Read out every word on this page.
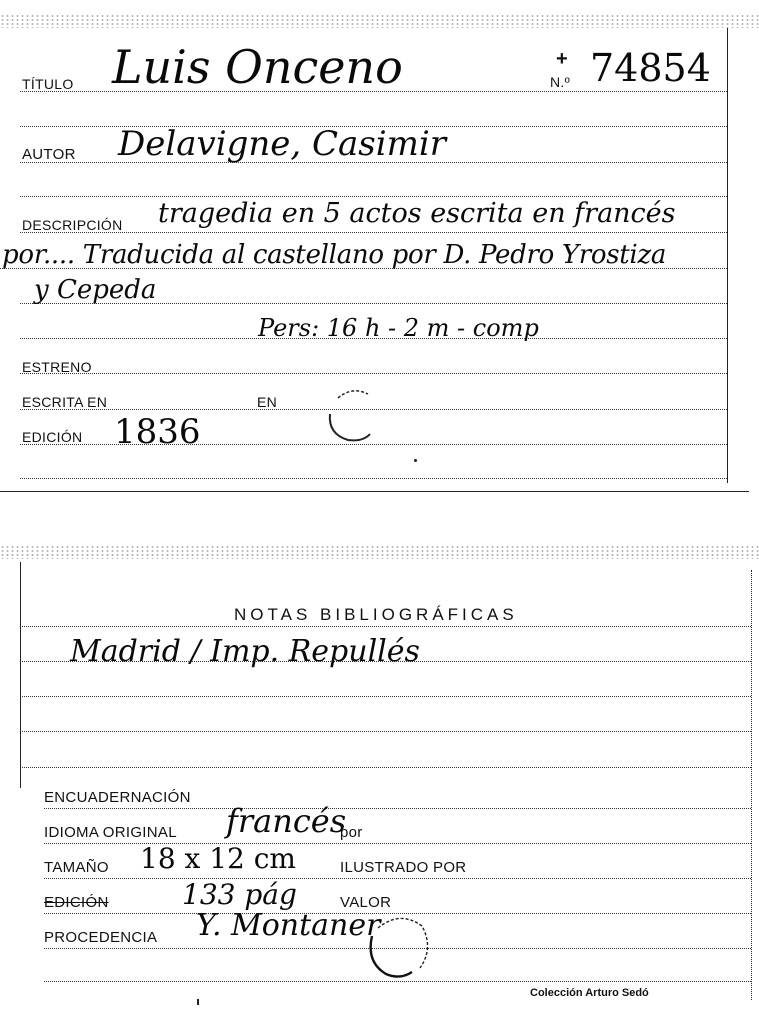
TÍTULO Luis Onceno	+
N.º 74854
AUTOR Delavigne, Casimir
DESCRIPCIÓN tragedia en 5 actos escrita en francés
por.... Traducida al castellano por D. Pedro Yrostiza
y Cepeda
Pers: 16 h - 2 m - comp
ESTRENO
ESCRITA EN	EN
EDICIÓN 1836
NOTAS BIBLIOGRÁFICAS
Madrid / Imp. Repullés
ENCUADERNACIÓN
IDIOMA ORIGINAL francés
por
TAMAÑO 18 x 12 cm	ILUSTRADO POR
EDICIÓN	133 pág	VALOR
PROCEDENCIA Y. Montaner
Colección Arturo Sedó
